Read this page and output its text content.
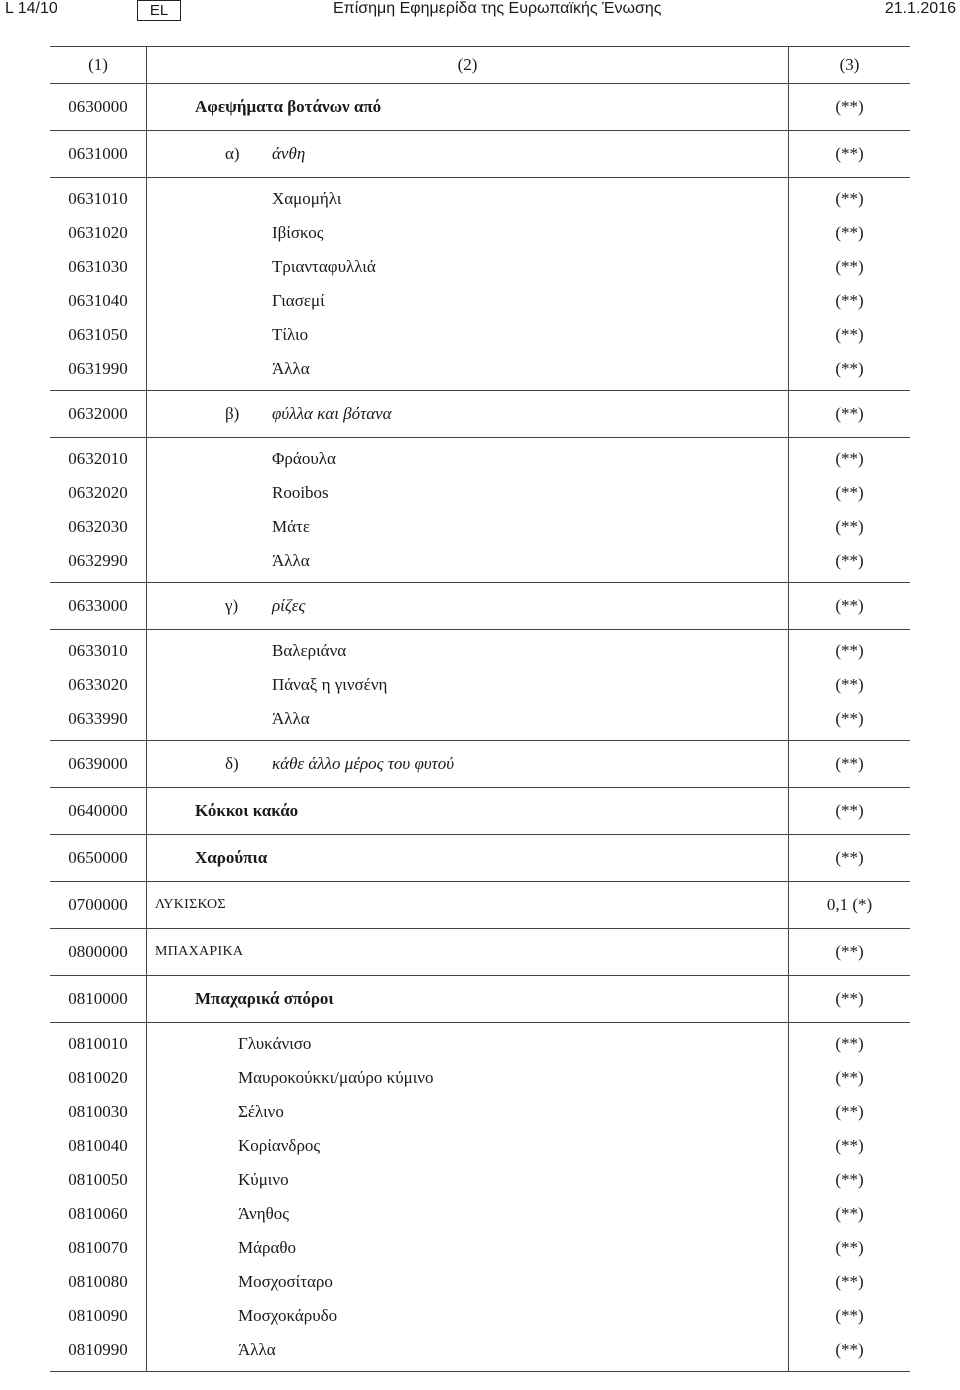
L 14/10	EL	Επίσημη Εφημερίδα της Ευρωπαϊκής Ένωσης	21.1.2016
(1)	(2)	(3)
0630000	Αφεψήματα βοτάνων από	(**)
0631000	α) άνθη	(**)
0631010	Χαμομήλι	(**)
0631020	Ιβίσκος	(**)
0631030	Τριανταφυλλιά	(**)
0631040	Γιασεμί	(**)
0631050	Τίλιο	(**)
0631990	Άλλα	(**)
0632000	β) φύλλα και βότανα	(**)
0632010	Φράουλα	(**)
0632020	Rooibos	(**)
0632030	Μάτε	(**)
0632990	Άλλα	(**)
0633000	γ) ρίζες	(**)
0633010	Βαλεριάνα	(**)
0633020	Πάναξ η γινσένη	(**)
0633990	Άλλα	(**)
0639000	δ) κάθε άλλο μέρος του φυτού	(**)
0640000	Κόκκοι κακάο	(**)
0650000	Χαρούπια	(**)
0700000	ΛΥΚΙΣΚΟΣ	0,1 (*)
0800000	ΜΠΑΧΑΡΙΚΑ	(**)
0810000	Μπαχαρικά σπόροι	(**)
0810010	Γλυκάνισο	(**)
0810020	Μαυροκούκκι/μαύρο κύμινο	(**)
0810030	Σέλινο	(**)
0810040	Κορίανδρος	(**)
0810050	Κύμινο	(**)
0810060	Άνηθος	(**)
0810070	Μάραθο	(**)
0810080	Μοσχοσίταρο	(**)
0810090	Μοσχοκάρυδο	(**)
0810990	Άλλα	(**)
